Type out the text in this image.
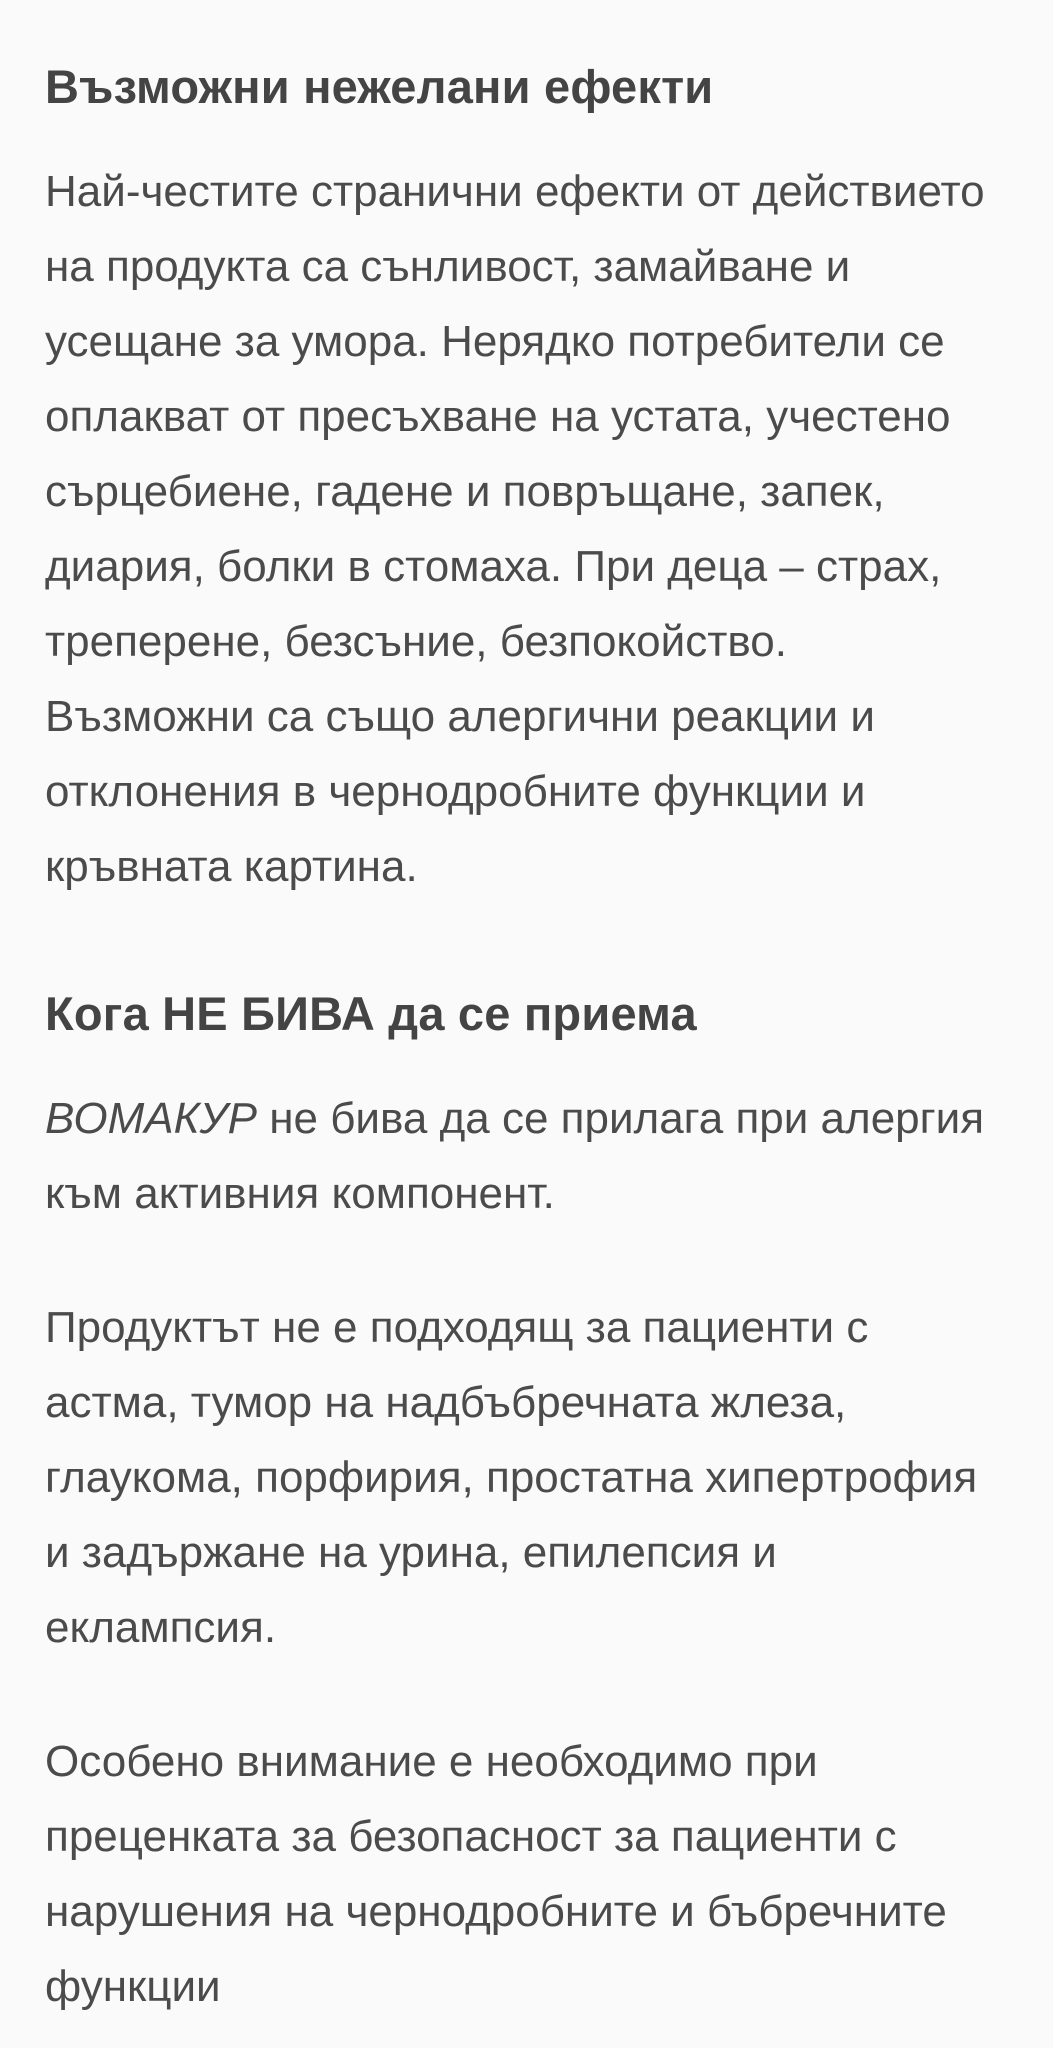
Възможни нежелани ефекти

Най-честите странични ефекти от действието на продукта са сънливост, замайване и усещане за умора. Нерядко потребители се оплакват от пресъхване на устата, учестено сърцебиене, гадене и повръщане, запек, диария, болки в стомаха. При деца – страх, треперене, безсъние, безпокойство. Възможни са също алергични реакции и отклонения в чернодробните функции и кръвната картина.

Кога НЕ БИВА да се приема

ВОМАКУР не бива да се прилага при алергия към активния компонент.

Продуктът не е подходящ за пациенти с астма, тумор на надбъбречната жлеза, глаукома, порфирия, простатна хипертрофия и задържане на урина, епилепсия и еклампсия.

Особено внимание е необходимо при преценката за безопасност за пациенти с нарушения на чернодробните и бъбречните функции
